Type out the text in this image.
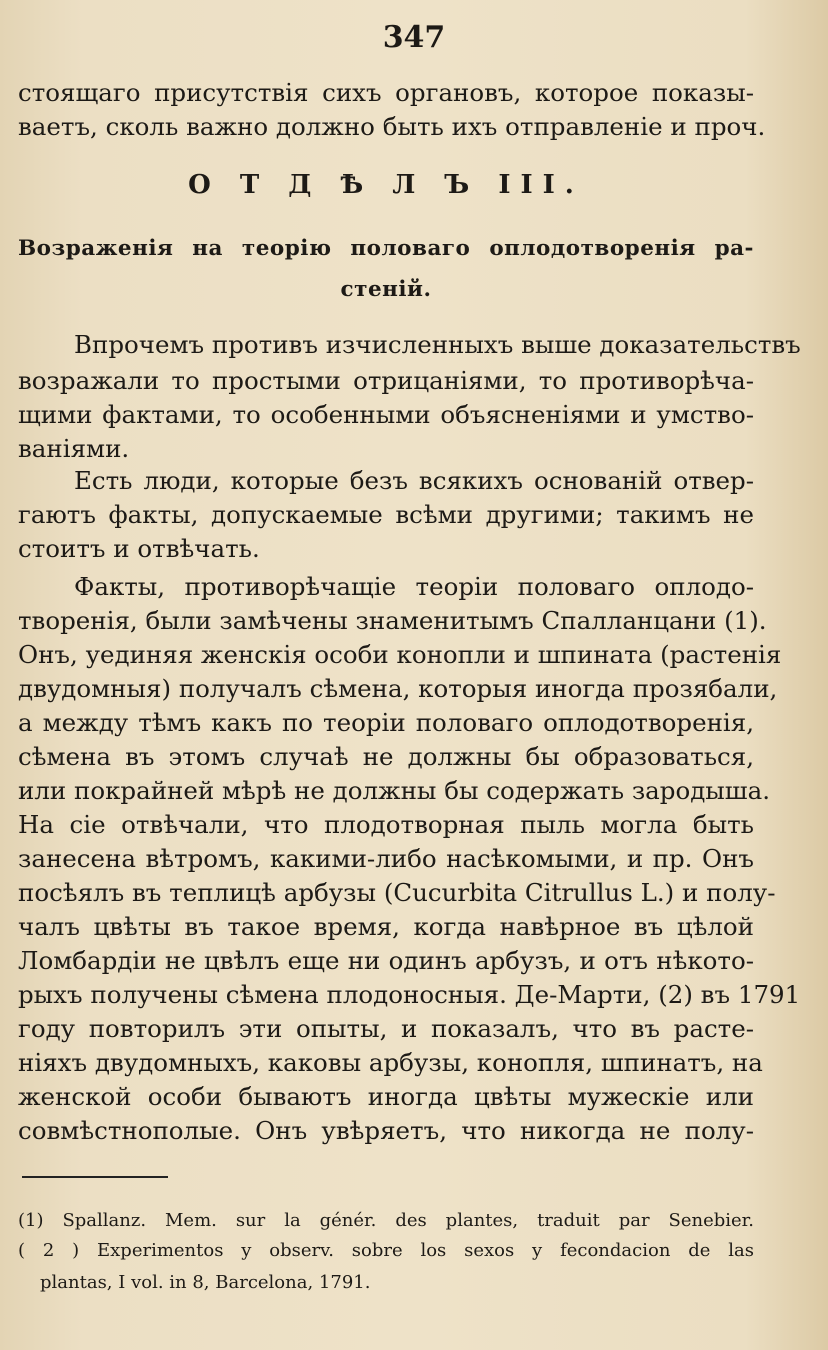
347
стоящаго присутствія сихъ органовъ, которое показы-
ваетъ, сколь важно должно быть ихъ отправленіе и проч.
О Т Д Ѣ Л Ъ III.
Возраженія на теорію половаго оплодотворенія ра-
стеній.
Впрочемъ противъ изчисленныхъ выше доказательствъ
возражали то простыми отрицаніями, то противорѣча-
щими фактами, то особенными объясненіями и умство-
ваніями.
Есть люди, которые безъ всякихъ основаній отвер-
гаютъ факты, допускаемые всѣми другими; такимъ не
стоитъ и отвѣчать.
Факты, противорѣчащіе теоріи половаго оплодо-
творенія, были замѣчены знаменитымъ Спалланцани (1).
Онъ, уединяя женскія особи конопли и шпината (растенія
двудомныя) получалъ сѣмена, которыя иногда прозябали,
а между тѣмъ какъ по теоріи половаго оплодотворенія,
сѣмена въ этомъ случаѣ не должны бы образоваться,
или покрайней мѣрѣ не должны бы содержать зародыша.
На сіе отвѣчали, что плодотворная пыль могла быть
занесена вѣтромъ, какими-либо насѣкомыми, и пр. Онъ
посѣялъ въ теплицѣ арбузы (Cucurbita Citrullus L.) и полу-
чалъ цвѣты въ такое время, когда навѣрное въ цѣлой
Ломбардіи не цвѣлъ еще ни одинъ арбузъ, и отъ нѣкото-
рыхъ получены сѣмена плодоносныя. Де-Марти, (2) въ 1791
году повторилъ эти опыты, и показалъ, что въ расте-
ніяхъ двудомныхъ, каковы арбузы, конопля, шпинатъ, на
женской особи бываютъ иногда цвѣты мужескіе или
совмѣстнополые. Онъ увѣряетъ, что никогда не полу-
(1) Spallanz. Mem. sur la génér. des plantes, traduit par Senebier.
( 2 ) Experimentos y observ. sobre los sexos y fecondacion de las
plantas, I vol. in 8, Barcelona, 1791.
